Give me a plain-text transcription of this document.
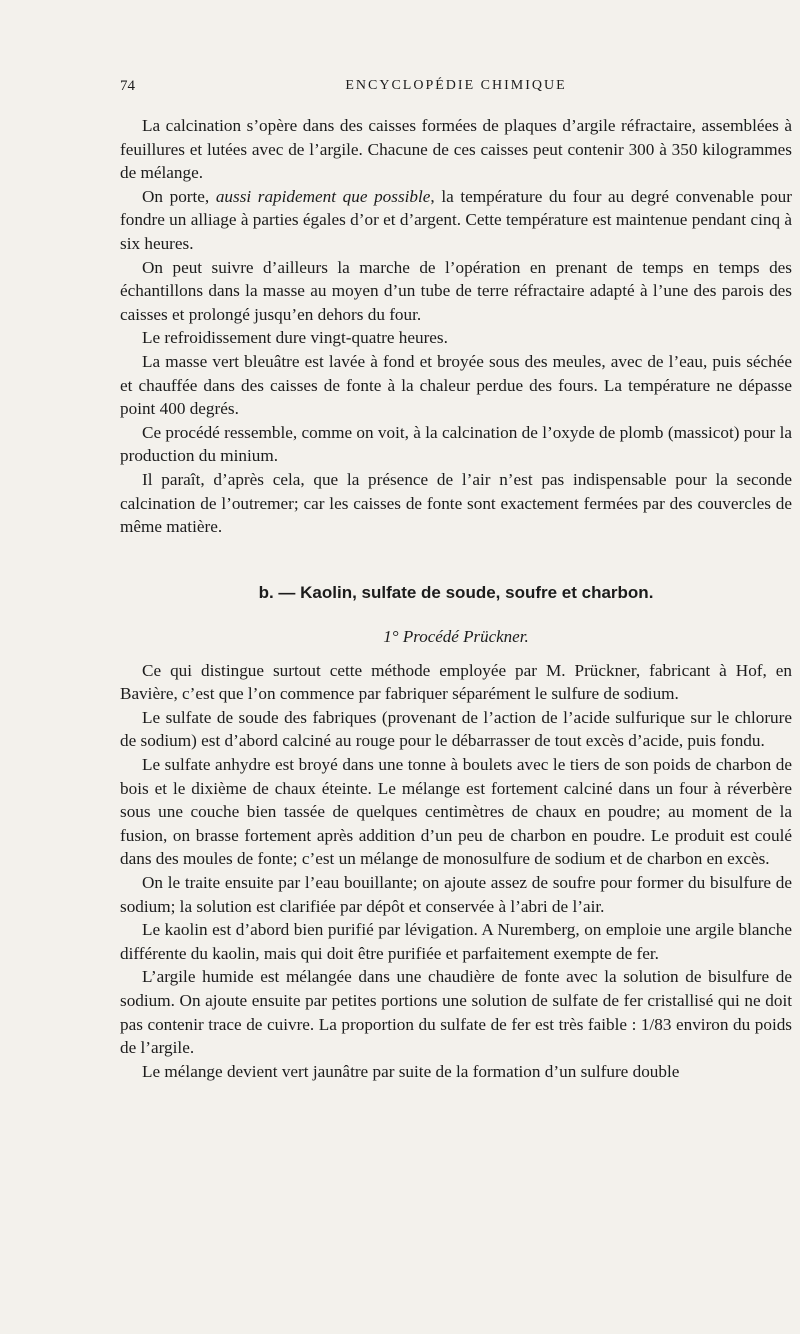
74	ENCYCLOPÉDIE CHIMIQUE

La calcination s’opère dans des caisses formées de plaques d’argile réfractaire, assemblées à feuillures et lutées avec de l’argile. Chacune de ces caisses peut contenir 300 à 350 kilogrammes de mélange.

On porte, aussi rapidement que possible, la température du four au degré convenable pour fondre un alliage à parties égales d’or et d’argent. Cette température est maintenue pendant cinq à six heures.

On peut suivre d’ailleurs la marche de l’opération en prenant de temps en temps des échantillons dans la masse au moyen d’un tube de terre réfractaire adapté à l’une des parois des caisses et prolongé jusqu’en dehors du four.

Le refroidissement dure vingt-quatre heures.

La masse vert bleuâtre est lavée à fond et broyée sous des meules, avec de l’eau, puis séchée et chauffée dans des caisses de fonte à la chaleur perdue des fours. La température ne dépasse point 400 degrés.

Ce procédé ressemble, comme on voit, à la calcination de l’oxyde de plomb (massicot) pour la production du minium.

Il paraît, d’après cela, que la présence de l’air n’est pas indispensable pour la seconde calcination de l’outremer; car les caisses de fonte sont exactement fermées par des couvercles de même matière.

b. — Kaolin, sulfate de soude, soufre et charbon.
1° Procédé Prückner.

Ce qui distingue surtout cette méthode employée par M. Prückner, fabricant à Hof, en Bavière, c’est que l’on commence par fabriquer séparément le sulfure de sodium.

Le sulfate de soude des fabriques (provenant de l’action de l’acide sulfurique sur le chlorure de sodium) est d’abord calciné au rouge pour le débarrasser de tout excès d’acide, puis fondu.

Le sulfate anhydre est broyé dans une tonne à boulets avec le tiers de son poids de charbon de bois et le dixième de chaux éteinte. Le mélange est fortement calciné dans un four à réverbère sous une couche bien tassée de quelques centimètres de chaux en poudre; au moment de la fusion, on brasse fortement après addition d’un peu de charbon en poudre. Le produit est coulé dans des moules de fonte; c’est un mélange de monosulfure de sodium et de charbon en excès.

On le traite ensuite par l’eau bouillante; on ajoute assez de soufre pour former du bisulfure de sodium; la solution est clarifiée par dépôt et conservée à l’abri de l’air.

Le kaolin est d’abord bien purifié par lévigation. A Nuremberg, on emploie une argile blanche différente du kaolin, mais qui doit être purifiée et parfaitement exempte de fer.

L’argile humide est mélangée dans une chaudière de fonte avec la solution de bisulfure de sodium. On ajoute ensuite par petites portions une solution de sulfate de fer cristallisé qui ne doit pas contenir trace de cuivre. La proportion du sulfate de fer est très faible : 1/83 environ du poids de l’argile.

Le mélange devient vert jaunâtre par suite de la formation d’un sulfure double
